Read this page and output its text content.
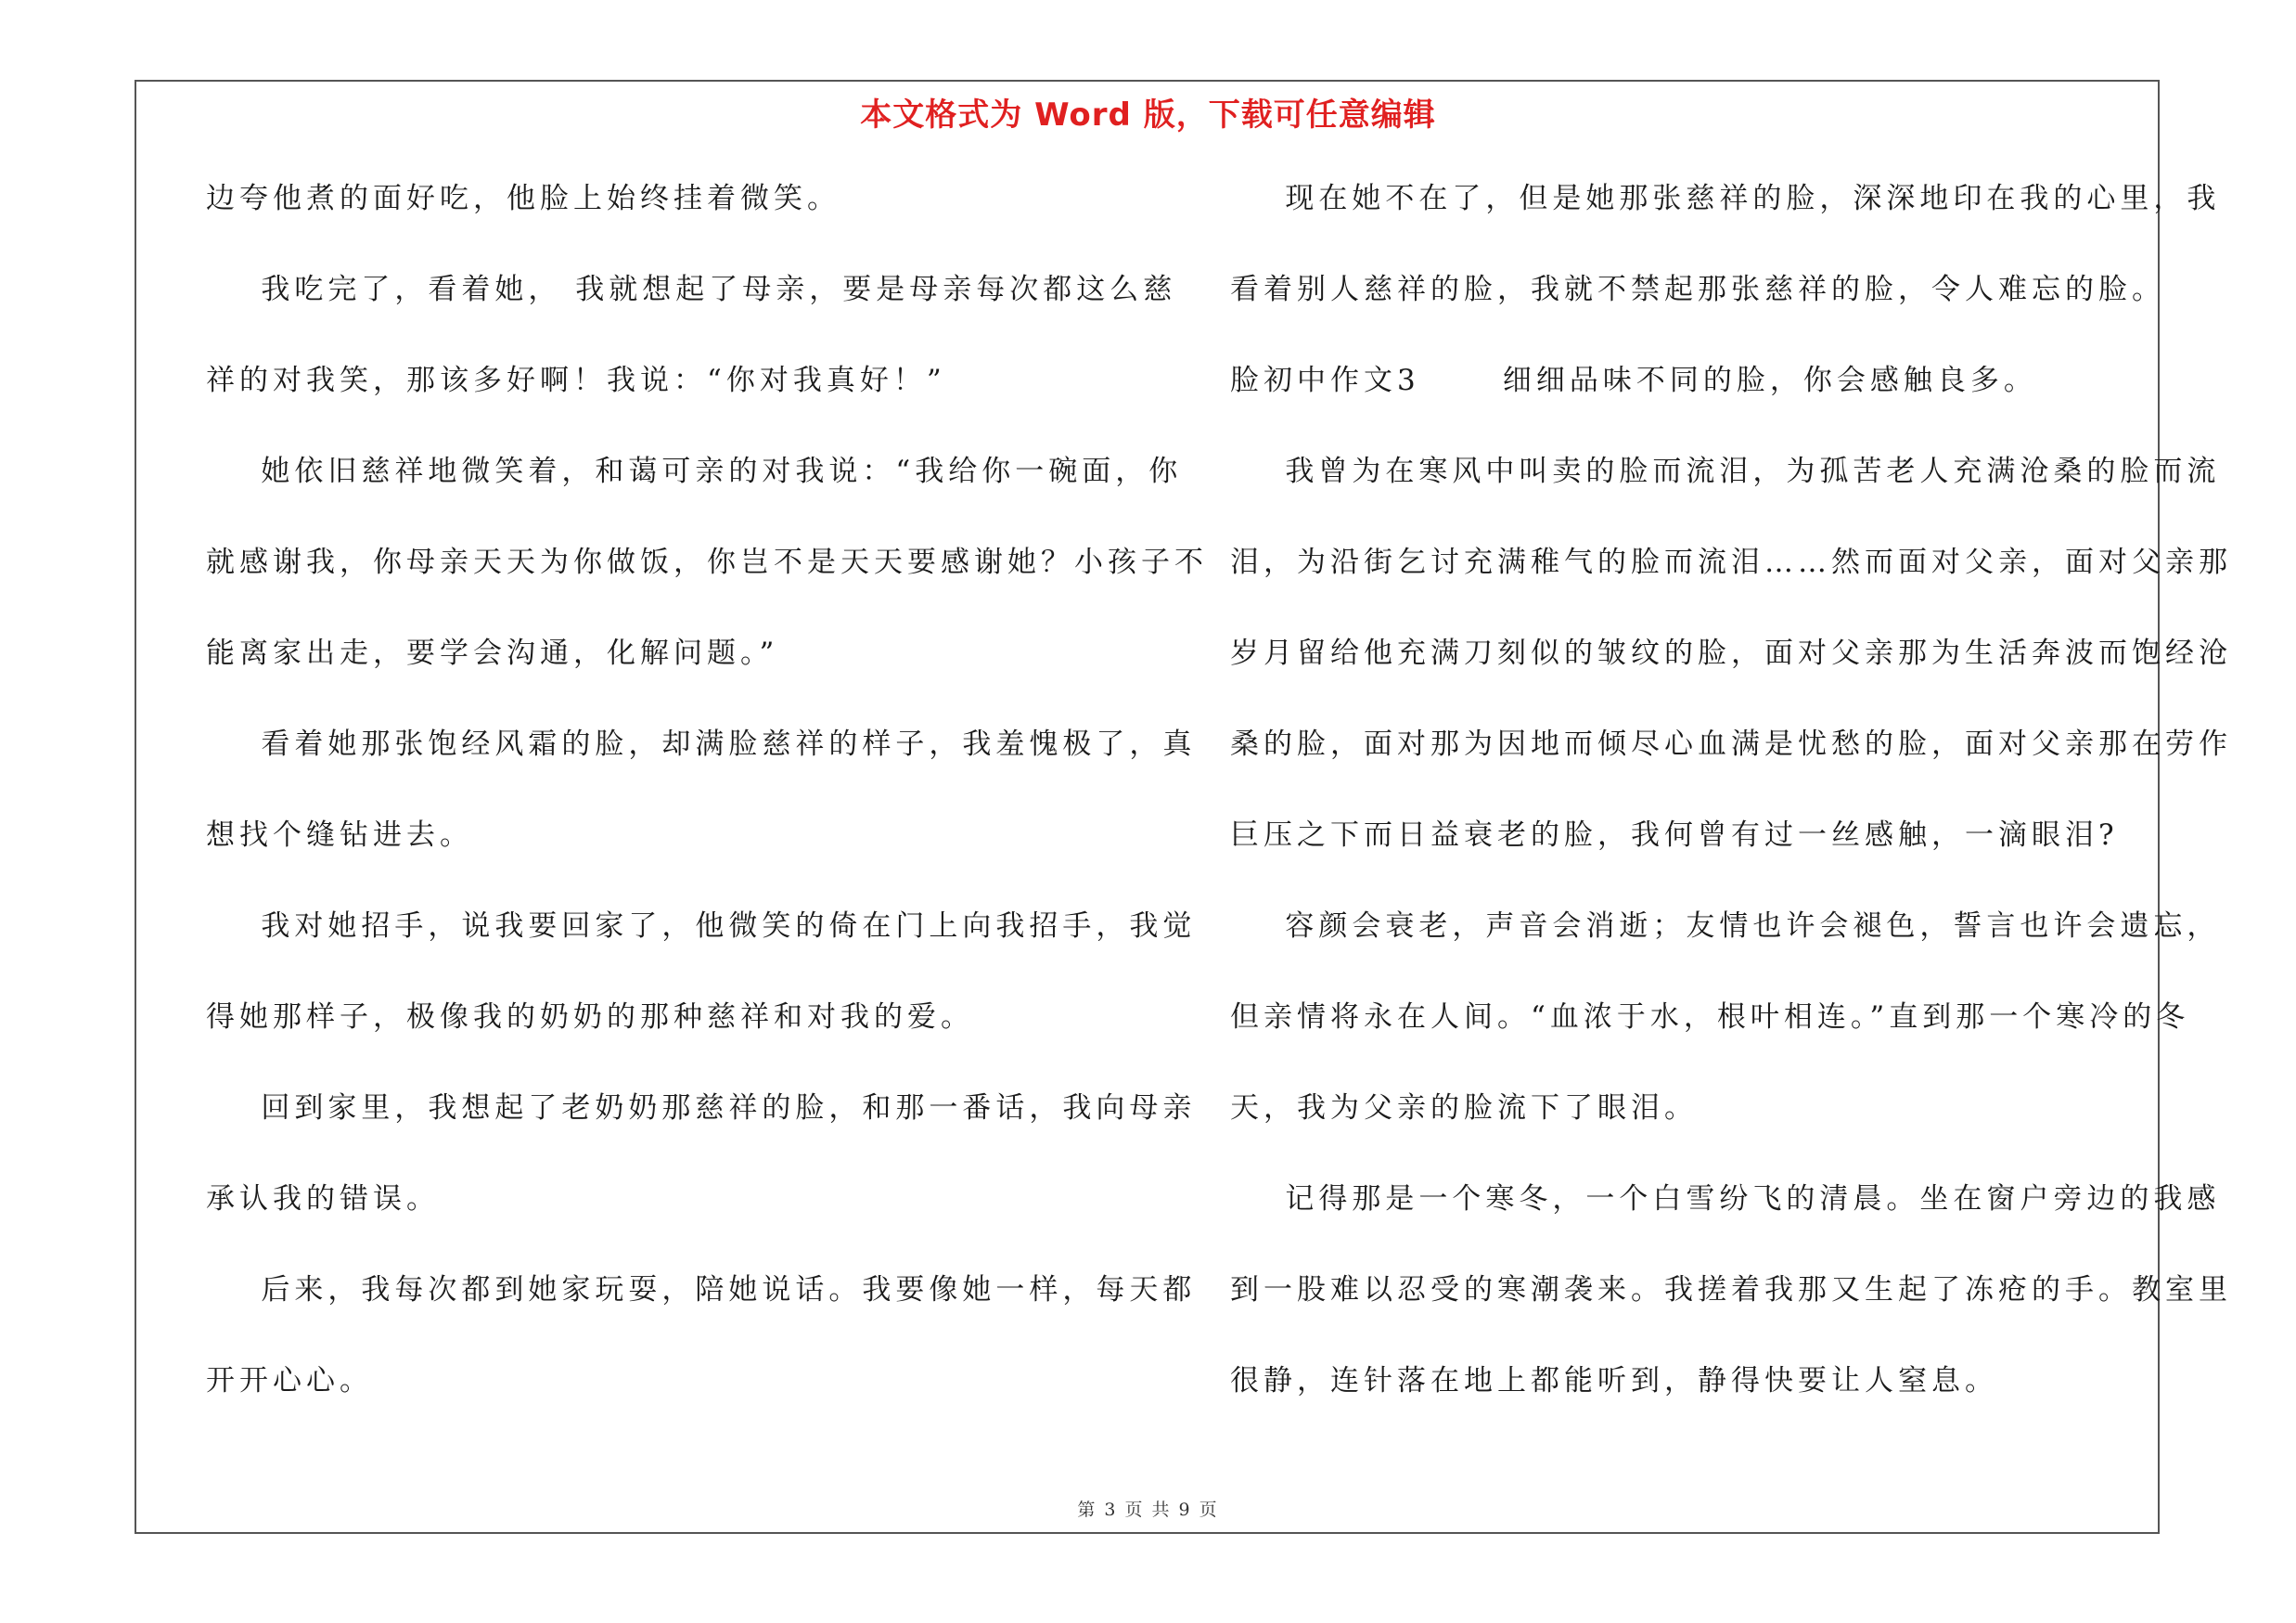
本文格式为 Word 版，下载可任意编辑
边夸他煮的面好吃，他脸上始终挂着微笑。
我吃完了，看着她， 我就想起了母亲，要是母亲每次都这么慈
祥的对我笑，那该多好啊！我说：“你对我真好！”
她依旧慈祥地微笑着，和蔼可亲的对我说：“我给你一碗面，你
就感谢我，你母亲天天为你做饭，你岂不是天天要感谢她？小孩子不
能离家出走，要学会沟通，化解问题。”
看着她那张饱经风霜的脸，却满脸慈祥的样子，我羞愧极了，真
想找个缝钻进去。
我对她招手，说我要回家了，他微笑的倚在门上向我招手，我觉
得她那样子，极像我的奶奶的那种慈祥和对我的爱。
回到家里，我想起了老奶奶那慈祥的脸，和那一番话，我向母亲
承认我的错误。
后来，我每次都到她家玩耍，陪她说话。我要像她一样，每天都
开开心心。
现在她不在了，但是她那张慈祥的脸，深深地印在我的心里，我
看着别人慈祥的脸，我就不禁起那张慈祥的脸，令人难忘的脸。
脸初中作文3      细细品味不同的脸，你会感触良多。
我曾为在寒风中叫卖的脸而流泪，为孤苦老人充满沧桑的脸而流
泪，为沿街乞讨充满稚气的脸而流泪……然而面对父亲，面对父亲那
岁月留给他充满刀刻似的皱纹的脸，面对父亲那为生活奔波而饱经沧
桑的脸，面对那为因地而倾尽心血满是忧愁的脸，面对父亲那在劳作
巨压之下而日益衰老的脸，我何曾有过一丝感触，一滴眼泪?
容颜会衰老，声音会消逝；友情也许会褪色，誓言也许会遗忘，
但亲情将永在人间。“血浓于水，根叶相连。”直到那一个寒冷的冬
天，我为父亲的脸流下了眼泪。
记得那是一个寒冬，一个白雪纷飞的清晨。坐在窗户旁边的我感
到一股难以忍受的寒潮袭来。我搓着我那又生起了冻疮的手。教室里
很静，连针落在地上都能听到，静得快要让人窒息。
第 3 页 共 9 页
